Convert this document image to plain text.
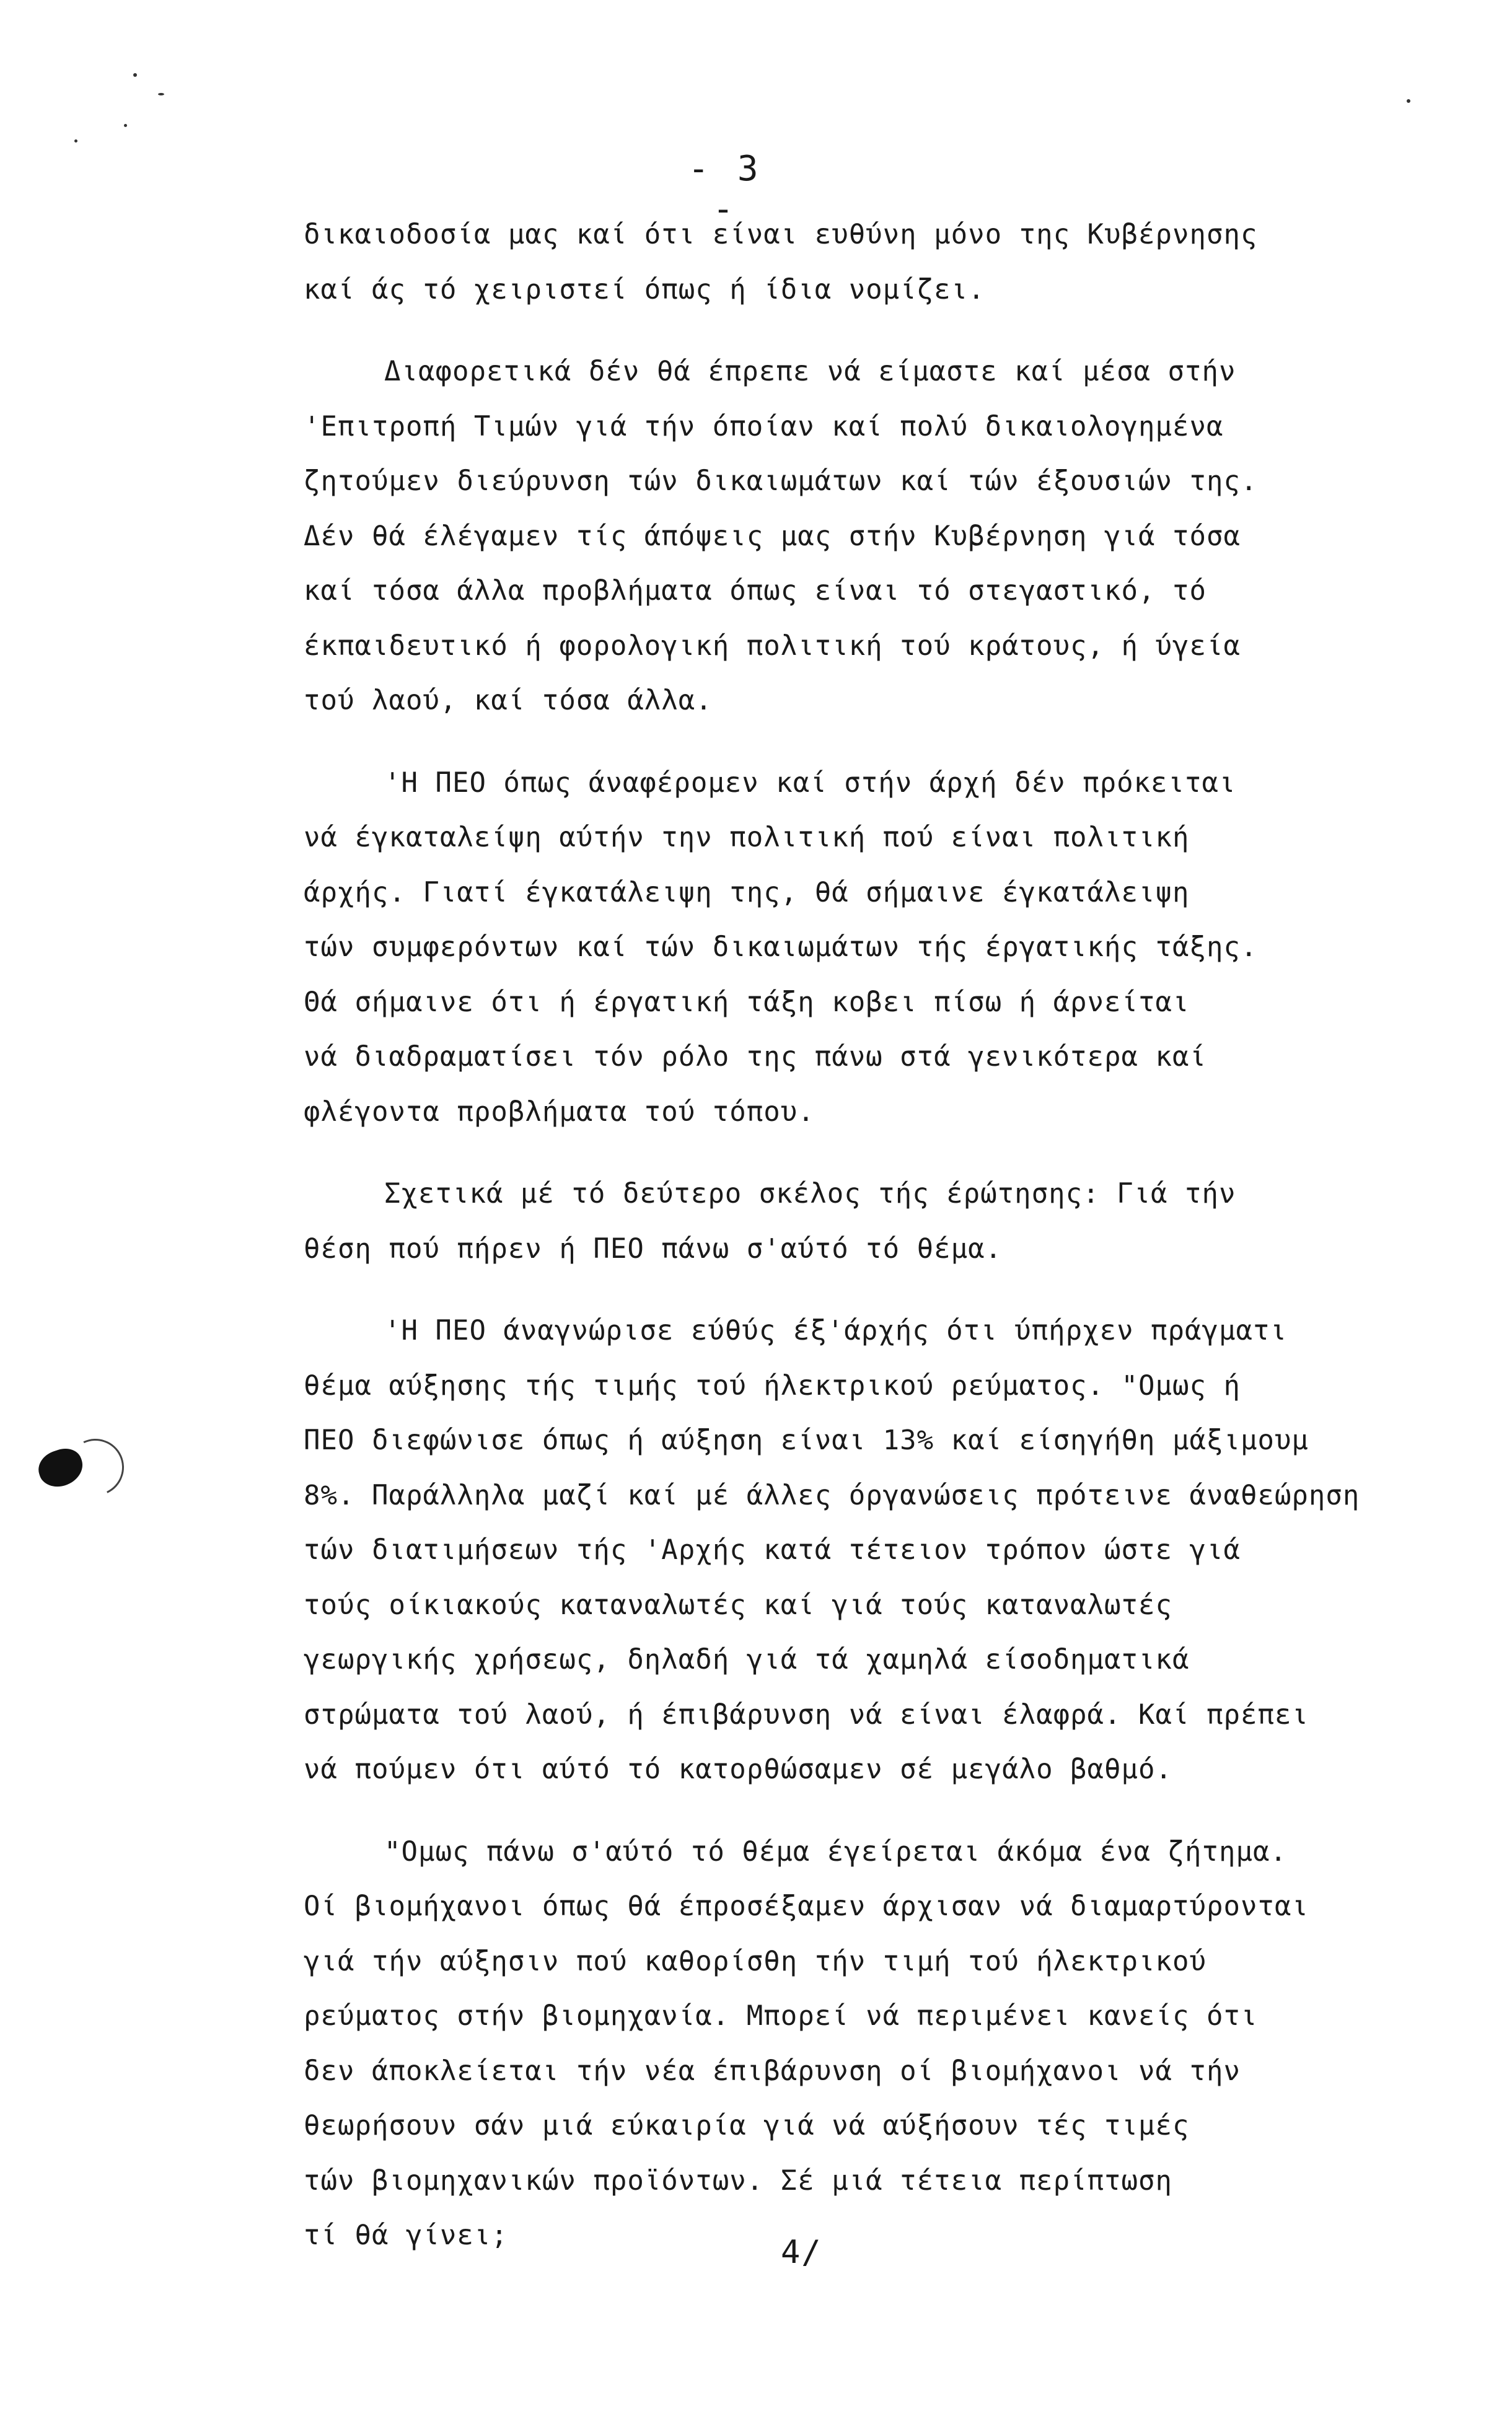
- 3 -
δικαιοδοσία μας καί ότι είναι ευθύνη μόνο της Κυβέρνησης
καί άς τό χειριστεί όπως ή ίδια νομίζει.
Διαφορετικά δέν θά έπρεπε νά είμαστε καί μέσα στήν
'Επιτροπή Τιμών γιά τήν όποίαν καί πολύ δικαιολογημένα
ζητούμεν διεύρυνση τών δικαιωμάτων καί τών έξουσιών της.
Δέν θά έλέγαμεν τίς άπόψεις μας στήν Κυβέρνηση γιά τόσα
καί τόσα άλλα προβλήματα όπως είναι τό στεγαστικό, τό
έκπαιδευτικό ή φορολογική πολιτική τού κράτους, ή ύγεία
τού λαού, καί τόσα άλλα.
'Η ΠΕΟ όπως άναφέρομεν καί στήν άρχή δέν πρόκειται
νά έγκαταλείψη αύτήν την πολιτική πού είναι πολιτική
άρχής. Γιατί έγκατάλειψη της, θά σήμαινε έγκατάλειψη
τών συμφερόντων καί τών δικαιωμάτων τής έργατικής τάξης.
Θά σήμαινε ότι ή έργατική τάξη κοβει πίσω ή άρνείται
νά διαδραματίσει τόν ρόλο της πάνω στά γενικότερα καί
φλέγοντα προβλήματα τού τόπου.
Σχετικά μέ τό δεύτερο σκέλος τής έρώτησης: Γιά τήν
θέση πού πήρεν ή ΠΕΟ πάνω σ'αύτό τό θέμα.
'Η ΠΕΟ άναγνώρισε εύθύς έξ'άρχής ότι ύπήρχεν πράγματι
θέμα αύξησης τής τιμής τού ήλεκτρικού ρεύματος. "Ομως ή
ΠΕΟ διεφώνισε όπως ή αύξηση είναι 13% καί είσηγήθη μάξιμουμ
8%. Παράλληλα μαζί καί μέ άλλες όργανώσεις πρότεινε άναθεώρηση
τών διατιμήσεων τής 'Αρχής κατά τέτειον τρόπον ώστε γιά
τούς οίκιακούς καταναλωτές καί γιά τούς καταναλωτές
γεωργικής χρήσεως, δηλαδή γιά τά χαμηλά είσοδηματικά
στρώματα τού λαού, ή έπιβάρυνση νά είναι έλαφρά. Καί πρέπει
νά πούμεν ότι αύτό τό κατορθώσαμεν σέ μεγάλο βαθμό.
"Ομως πάνω σ'αύτό τό θέμα έγείρεται άκόμα ένα ζήτημα.
Οί βιομήχανοι όπως θά έπροσέξαμεν άρχισαν νά διαμαρτύρονται
γιά τήν αύξησιν πού καθορίσθη τήν τιμή τού ήλεκτρικού
ρεύματος στήν βιομηχανία. Μπορεί νά περιμένει κανείς ότι
δεν άποκλείεται τήν νέα έπιβάρυνση οί βιομήχανοι νά τήν
θεωρήσουν σάν μιά εύκαιρία γιά νά αύξήσουν τές τιμές
τών βιομηχανικών προϊόντων. Σέ μιά τέτεια περίπτωση
τί θά γίνει;	4/
